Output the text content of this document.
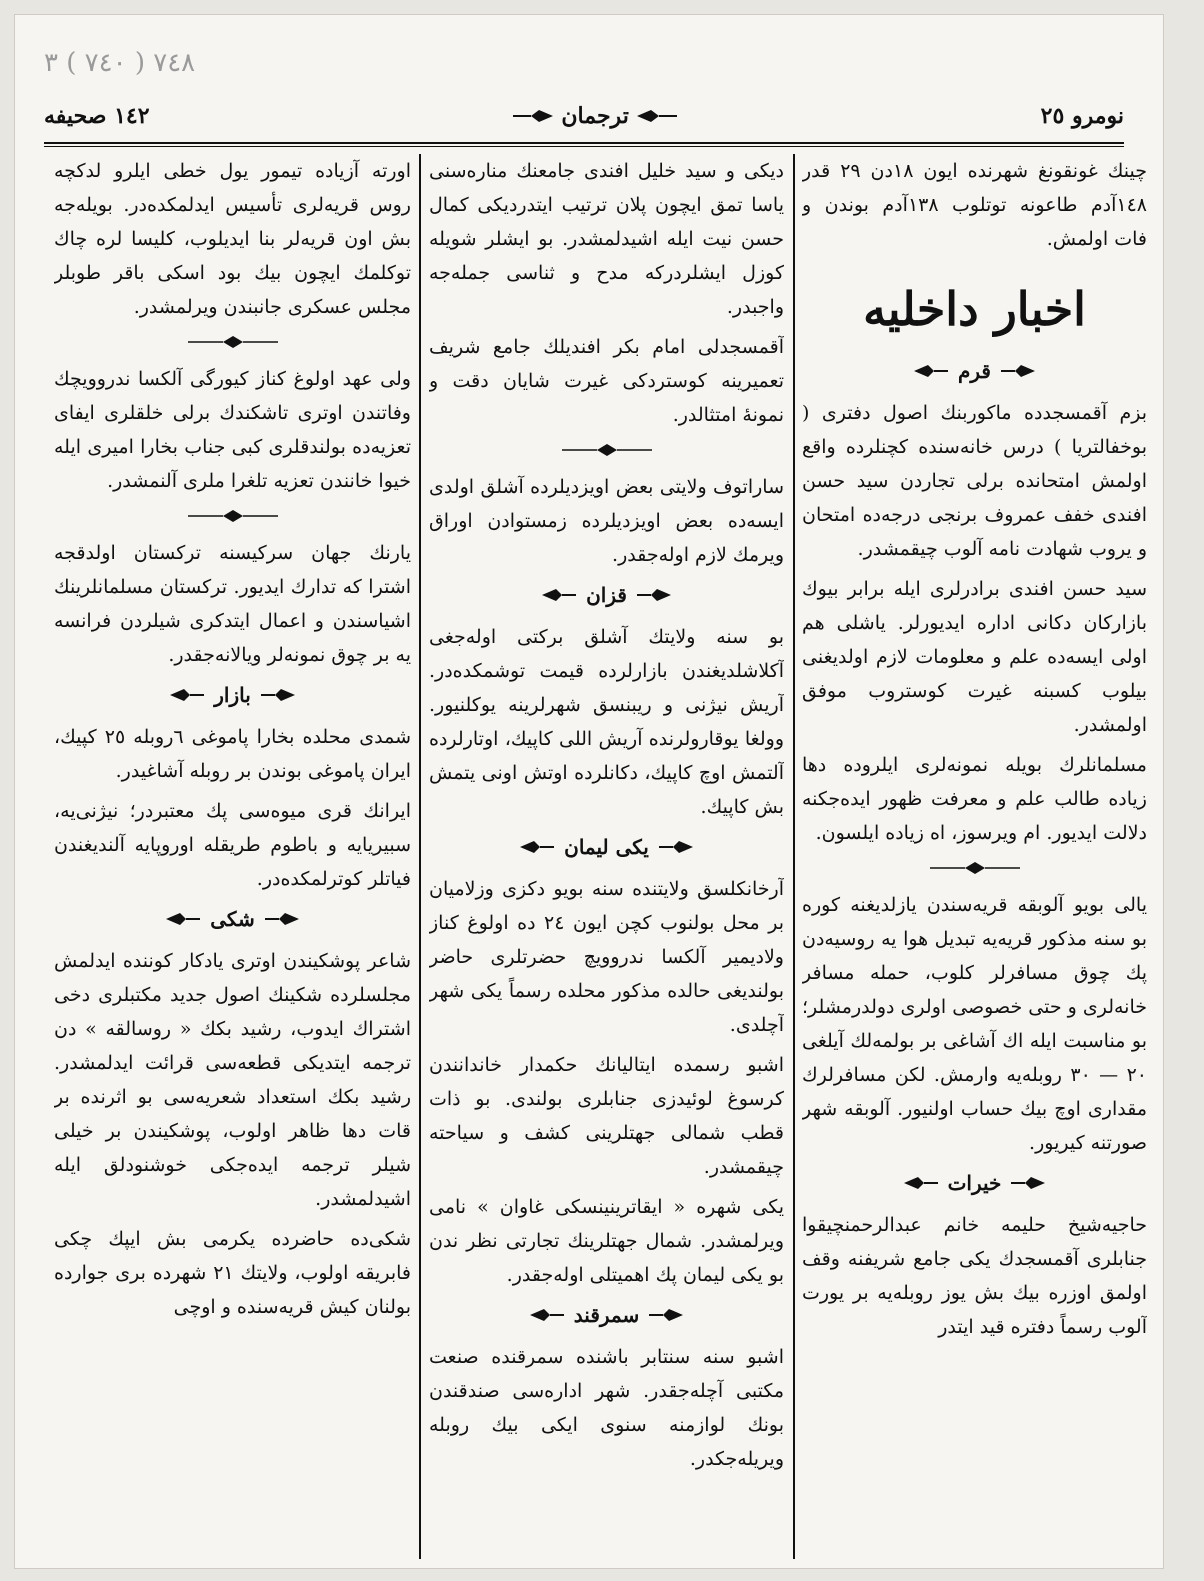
٧٤٨ ( ٧٤٠ ) ٣
١٤٢ صحيفه	ترجمان	نومرو ٢٥

چينك غونقونغ شهرنده ايون ١٨دن ٢٩ قدر ١٤٨آدم طاعونه توتلوب ١٣٨آدم بوندن و فات اولمش.

اخبار داخليه
قرم

بزم آقمسجدده ماكوربنك اصول دفترى ( بوخفالتريا ) درس خانه‌سنده كچنلرده واقع اولمش امتحانده برلى تجاردن سيد حسن افندى خفف عمروف برنجى درجه‌ده امتحان و يروب شهادت نامه آلوب چيقمشدر.

سيد حسن افندى برادرلرى ايله برابر بيوك بازاركان دكانى اداره ايديورلر. ياشلى هم اولى ايسه‌ده علم و معلومات لازم اولديغنى بيلوب كسبنه غيرت كوستروب موفق اولمشدر.

مسلمانلرك بويله نمونه‌لرى ايلروده دها زياده طالب علم و معرفت ظهور ايده‌جكنه دلالت ايديور. ام ويرسوز، اه زياده ايلسون.

يالى بويو آلوبقه قريه‌سندن يازلديغنه كوره بو سنه مذكور قريه‌يه تبديل هوا يه روسيه‌دن پك چوق مسافرلر كلوب، حمله مسافر خانه‌لرى و حتى خصوصى اولرى دولدرمشلر؛ بو مناسبت ايله اك آشاغى بر بولمه‌لك آيلغى ٢٠ — ٣٠ روبله‌يه وارمش. لكن مسافرلرك مقدارى اوچ بيك حساب اولنيور. آلوبقه شهر صورتنه كيريور.

خيرات

حاجيه‌شيخ حليمه خانم عبدالرحمنچيقوا جنابلرى آقمسجدك يكى جامع شريفنه وقف اولمق اوزره بيك بش يوز روبله‌يه بر يورت آلوب رسماً دفتره قيد ايتدر

ديكى و سيد خليل افندى جامعنك مناره‌سنى ياسا تمق ايچون پلان ترتيب ايتدرديكى كمال حسن نيت ايله اشيدلمشدر. بو ايشلر شويله كوزل ايشلردركه مدح و ثناسى جمله‌جه واجبدر.

آقمسجدلى امام بكر افنديلك جامع شريف تعميرينه كوستردكى غيرت شايان دقت و نمونهٔ امتثالدر.

ساراتوف ولايتى بعض اويزديلرده آشلق اولدى ايسه‌ده بعض اويزديلرده زمستوادن اوراق ويرمك لازم اوله‌جقدر.

قزان

بو سنه ولايتك آشلق بركتى اوله‌جغى آكلاشلديغندن بازارلرده قيمت توشمكده‌در. آريش نيژنى و ريبنسق شهرلرينه يوكلنيور. وولغا يوقارولرنده آريش اللى كاپيك، اوتارلرده آلتمش اوچ كاپيك، دكانلرده اوتش اونى يتمش بش كاپيك.

يكى ليمان

آرخانكلسق ولايتنده سنه بويو دكزى وزلاميان بر محل بولنوب كچن ايون ٢٤ ده اولوغ كناز ولاديمير آلكسا ندروويچ حضرتلرى حاضر بولنديغى حالده مذكور محلده رسماً يكى شهر آچلدى.

اشبو رسمده ايتاليانك حكمدار خاندانندن كرسوغ لوئيدزى جنابلرى بولندى. بو ذات قطب شمالى جهتلرينى كشف و سياحته چيقمشدر.

يكى شهره « ايقاترينينسكى غاوان » نامى ويرلمشدر. شمال جهتلرينك تجارتى نظر ندن بو يكى ليمان پك اهميتلى اوله‌جقدر.

سمرقند

اشبو سنه سنتابر باشنده سمرقنده صنعت مكتبى آچله‌جقدر. شهر اداره‌سى صندقندن بونك لوازمنه سنوى ايكى بيك روبله ويريله‌جكدر.

اورته آزياده تيمور يول خطى ايلرو لدكچه روس قريه‌لرى تأسيس ايدلمكده‌در. بويله‌جه بش اون قريه‌لر بنا ايديلوب، كليسا لره چاك توكلمك ايچون بيك بود اسكى باقر طوبلر مجلس عسكرى جانبندن ويرلمشدر.

ولى عهد اولوغ كناز كيورگى آلكسا ندروويچك وفاتندن اوترى تاشكندك برلى خلقلرى ايفاى تعزيه‌ده بولندقلرى كبى جناب بخارا اميرى ايله خيوا خانندن تعزيه تلغرا ملرى آلنمشدر.

يارنك جهان سركيسنه تركستان اولدقجه اشترا كه تدارك ايديور. تركستان مسلمانلرينك اشياسندن و اعمال ايتدكرى شيلردن فرانسه يه بر چوق نمونه‌لر ويالانه‌جقدر.

بازار

شمدى محلده بخارا پاموغى ٦روبله ٢٥ كپيك، ايران پاموغى بوندن بر روبله آشاغيدر.

ايرانك قرى ميوه‌سى پك معتبردر؛ نيژنى‌يه، سبيريايه و باطوم طريقله اوروپايه آلنديغندن فياتلر كوترلمكده‌در.

شكى

شاعر پوشكيندن اوترى يادكار كوننده ايدلمش مجلسلرده شكينك اصول جديد مكتبلرى دخى اشتراك ايدوب، رشيد بكك « روسالقه » دن ترجمه ايتديكى قطعه‌سى قرائت ايدلمشدر. رشيد بكك استعداد شعريه‌سى بو اثرنده بر قات دها ظاهر اولوب، پوشكيندن بر خيلى شيلر ترجمه ايده‌جكى خوشنودلق ايله اشيدلمشدر.

شكى‌ده حاضرده يكرمى بش ايپك چكى فابريقه اولوب، ولايتك ٢١ شهرده برى جوارده بولنان كيش قريه‌سنده و اوچى
